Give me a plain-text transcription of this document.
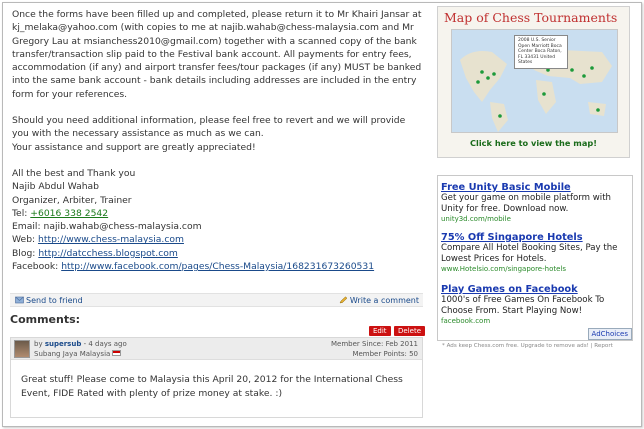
Once the forms have been filled up and completed, please return it to Mr Khairi Jansar at kj_melaka@yahoo.com (with copies to me at najib.wahab@chess-malaysia.com and Mr Gregory Lau at msianchess2010@gmail.com) together with a scanned copy of the bank transfer/transaction slip paid to the Festival bank account. All payments for entry fees, accommodation (if any) and airport transfer fees/tour packages (if any) MUST be banked into the same bank account - bank details including addresses are included in the entry form for your references.

Should you need additional information, please feel free to revert and we will provide you with the necessary assistance as much as we can.

Your assistance and support are greatly appreciated!

All the best and Thank you

Najib Abdul Wahab

Organizer, Arbiter, Trainer

Tel: +6016 338 2542

Email: najib.wahab@chess-malaysia.com

Web: http://www.chess-malaysia.com

Blog: http://datcchess.blogspot.com

Facebook: http://www.facebook.com/pages/Chess-Malaysia/168231673260531

Send to friend	Write a comment
Comments:
Edit	Delete
by supersub - 4 days ago
Subang Jaya Malaysia
Member Since: Feb 2011
Member Points: 50
Great stuff! Please come to Malaysia this April 20, 2012 for the International Chess Event, FIDE Rated with plenty of prize money at stake. :)
Map of Chess Tournaments
2008 U.S. Senior Open Marriott Boca Center Boca Raton, FL 33431 United States
Click here to view the map!
Free Unity Basic Mobile
Get your game on mobile platform with Unity for free. Download now.
unity3d.com/mobile
75% Off Singapore Hotels
Compare All Hotel Booking Sites, Pay the Lowest Prices for Hotels.
www.Hotelsio.com/singapore-hotels
Play Games on Facebook
1000's of Free Games On Facebook To Choose From. Start Playing Now!
facebook.com
AdChoices
* Ads keep Chess.com free. Upgrade to remove ads! | Report
